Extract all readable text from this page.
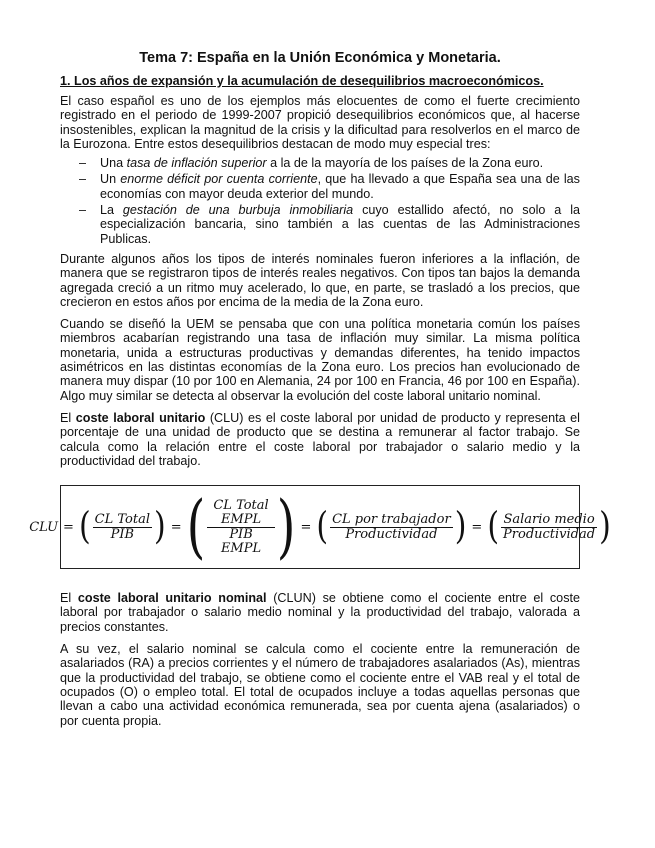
Tema 7: España en la Unión Económica y Monetaria.
1. Los años de expansión y la acumulación de desequilibrios macroeconómicos.

El caso español es uno de los ejemplos más elocuentes de como el fuerte crecimiento registrado en el periodo de 1999-2007 propició desequilibrios económicos que, al hacerse insostenibles, explican la magnitud de la crisis y la dificultad para resolverlos en el marco de la Eurozona. Entre estos desequilibrios destacan de modo muy especial tres:

– Una tasa de inflación superior a la de la mayoría de los países de la Zona euro.
– Un enorme déficit por cuenta corriente, que ha llevado a que España sea una de las economías con mayor deuda exterior del mundo.
– La gestación de una burbuja inmobiliaria cuyo estallido afectó, no solo a la especialización bancaria, sino también a las cuentas de las Administraciones Publicas.

Durante algunos años los tipos de interés nominales fueron inferiores a la inflación, de manera que se registraron tipos de interés reales negativos. Con tipos tan bajos la demanda agregada creció a un ritmo muy acelerado, lo que, en parte, se trasladó a los precios, que crecieron en estos años por encima de la media de la Zona euro.

Cuando se diseñó la UEM se pensaba que con una política monetaria común los países miembros acabarían registrando una tasa de inflación muy similar. La misma política monetaria, unida a estructuras productivas y demandas diferentes, ha tenido impactos asimétricos en las distintas economías de la Zona euro. Los precios han evolucionado de manera muy dispar (10 por 100 en Alemania, 24 por 100 en Francia, 46 por 100 en España). Algo muy similar se detecta al observar la evolución del coste laboral unitario nominal.

El coste laboral unitario (CLU) es el coste laboral por unidad de producto y representa el porcentaje de una unidad de producto que se destina a remunerar al factor trabajo. Se calcula como la relación entre el coste laboral por trabajador o salario medio y la productividad del trabajo.

CLU = ( $\frac{\text{CL Total}}{\text{PIB}}$ ) = ( CL Total
EMPL
PIB
EMPL ) = ( $\frac{\text{CL por trabajador}}{\text{Productividad}}$ ) = ( $\frac{\text{Salario medio}}{\text{Productividad}}$ )

El coste laboral unitario nominal (CLUN) se obtiene como el cociente entre el coste laboral por trabajador o salario medio nominal y la productividad del trabajo, valorada a precios constantes.

A su vez, el salario nominal se calcula como el cociente entre la remuneración de asalariados (RA) a precios corrientes y el número de trabajadores asalariados (As), mientras que la productividad del trabajo, se obtiene como el cociente entre el VAB real y el total de ocupados (O) o empleo total. El total de ocupados incluye a todas aquellas personas que llevan a cabo una actividad económica remunerada, sea por cuenta ajena (asalariados) o por cuenta propia.
